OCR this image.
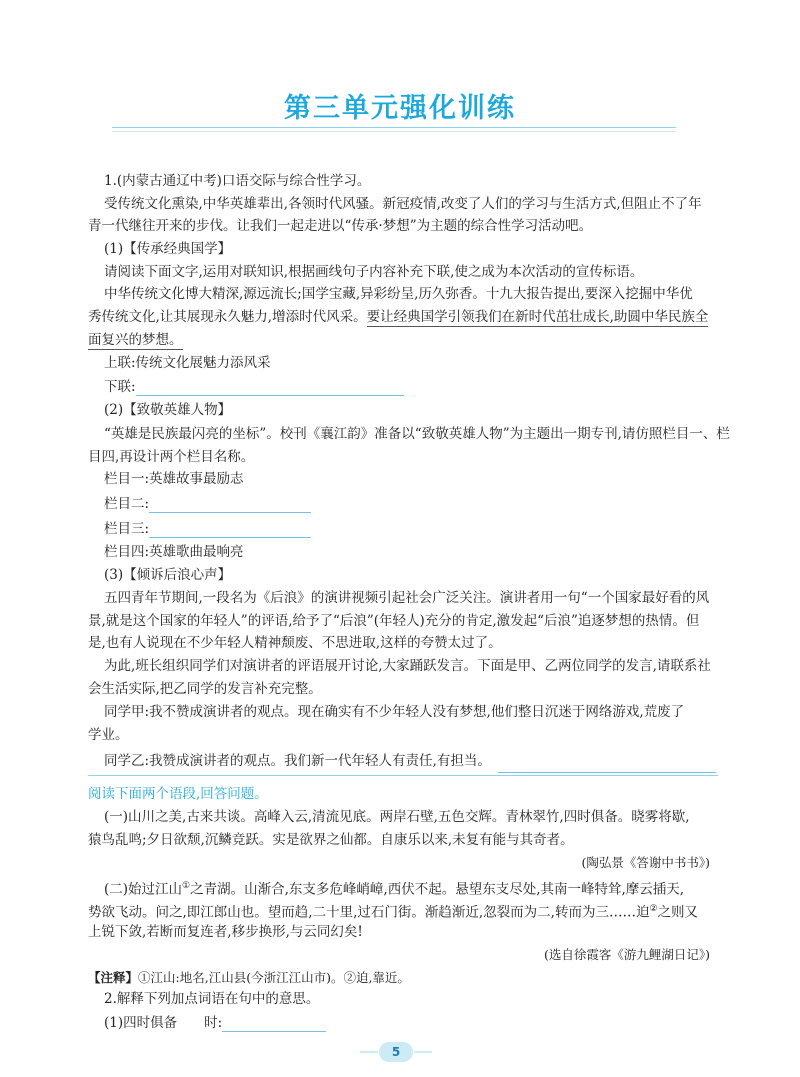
第三单元强化训练
1.(内蒙古通辽中考)口语交际与综合性学习。
受传统文化熏染,中华英雄辈出,各领时代风骚。新冠疫情,改变了人们的学习与生活方式,但阻止不了年
青一代继往开来的步伐。让我们一起走进以“传承·梦想”为主题的综合性学习活动吧。
(1)【传承经典国学】
请阅读下面文字,运用对联知识,根据画线句子内容补充下联,使之成为本次活动的宣传标语。
中华传统文化博大精深,源远流长;国学宝藏,异彩纷呈,历久弥香。十九大报告提出,要深入挖掘中华优
秀传统文化,让其展现永久魅力,增添时代风采。要让经典国学引领我们在新时代茁壮成长,助圆中华民族全
面复兴的梦想。
上联:传统文化展魅力添风采
下联:
(2)【致敬英雄人物】
“英雄是民族最闪亮的坐标”。校刊《襄江韵》准备以“致敬英雄人物”为主题出一期专刊,请仿照栏目一、栏
目四,再设计两个栏目名称。
栏目一:英雄故事最励志
栏目二:
栏目三:
栏目四:英雄歌曲最响亮
(3)【倾诉后浪心声】
五四青年节期间,一段名为《后浪》的演讲视频引起社会广泛关注。演讲者用一句“一个国家最好看的风
景,就是这个国家的年轻人”的评语,给予了“后浪”(年轻人)充分的肯定,激发起“后浪”追逐梦想的热情。但
是,也有人说现在不少年轻人精神颓废、不思进取,这样的夸赞太过了。
为此,班长组织同学们对演讲者的评语展开讨论,大家踊跃发言。下面是甲、乙两位同学的发言,请联系社
会生活实际,把乙同学的发言补充完整。
同学甲:我不赞成演讲者的观点。现在确实有不少年轻人没有梦想,他们整日沉迷于网络游戏,荒废了
学业。
同学乙:我赞成演讲者的观点。我们新一代年轻人有责任,有担当。
阅读下面两个语段,回答问题。
(一)山川之美,古来共谈。高峰入云,清流见底。两岸石壁,五色交辉。青林翠竹,四时俱备。晓雾将歇,
猿鸟乱鸣;夕日欲颓,沉鳞竞跃。实是欲界之仙都。自康乐以来,未复有能与其奇者。
(陶弘景《答谢中书书》)
(二)始过江山①之青湖。山渐合,东支多危峰峭嶂,西伏不起。悬望东支尽处,其南一峰特耸,摩云插天,
势欲飞动。问之,即江郎山也。望而趋,二十里,过石门街。渐趋渐近,忽裂而为二,转而为三……迫②之则又
上锐下敛,若断而复连者,移步换形,与云同幻矣!
(选自徐霞客《游九鲤湖日记》)
【注释】①江山:地名,江山县(今浙江江山市)。②迫,靠近。
2.解释下列加点词语在句中的意思。
(1)四时俱备　　时:
5
